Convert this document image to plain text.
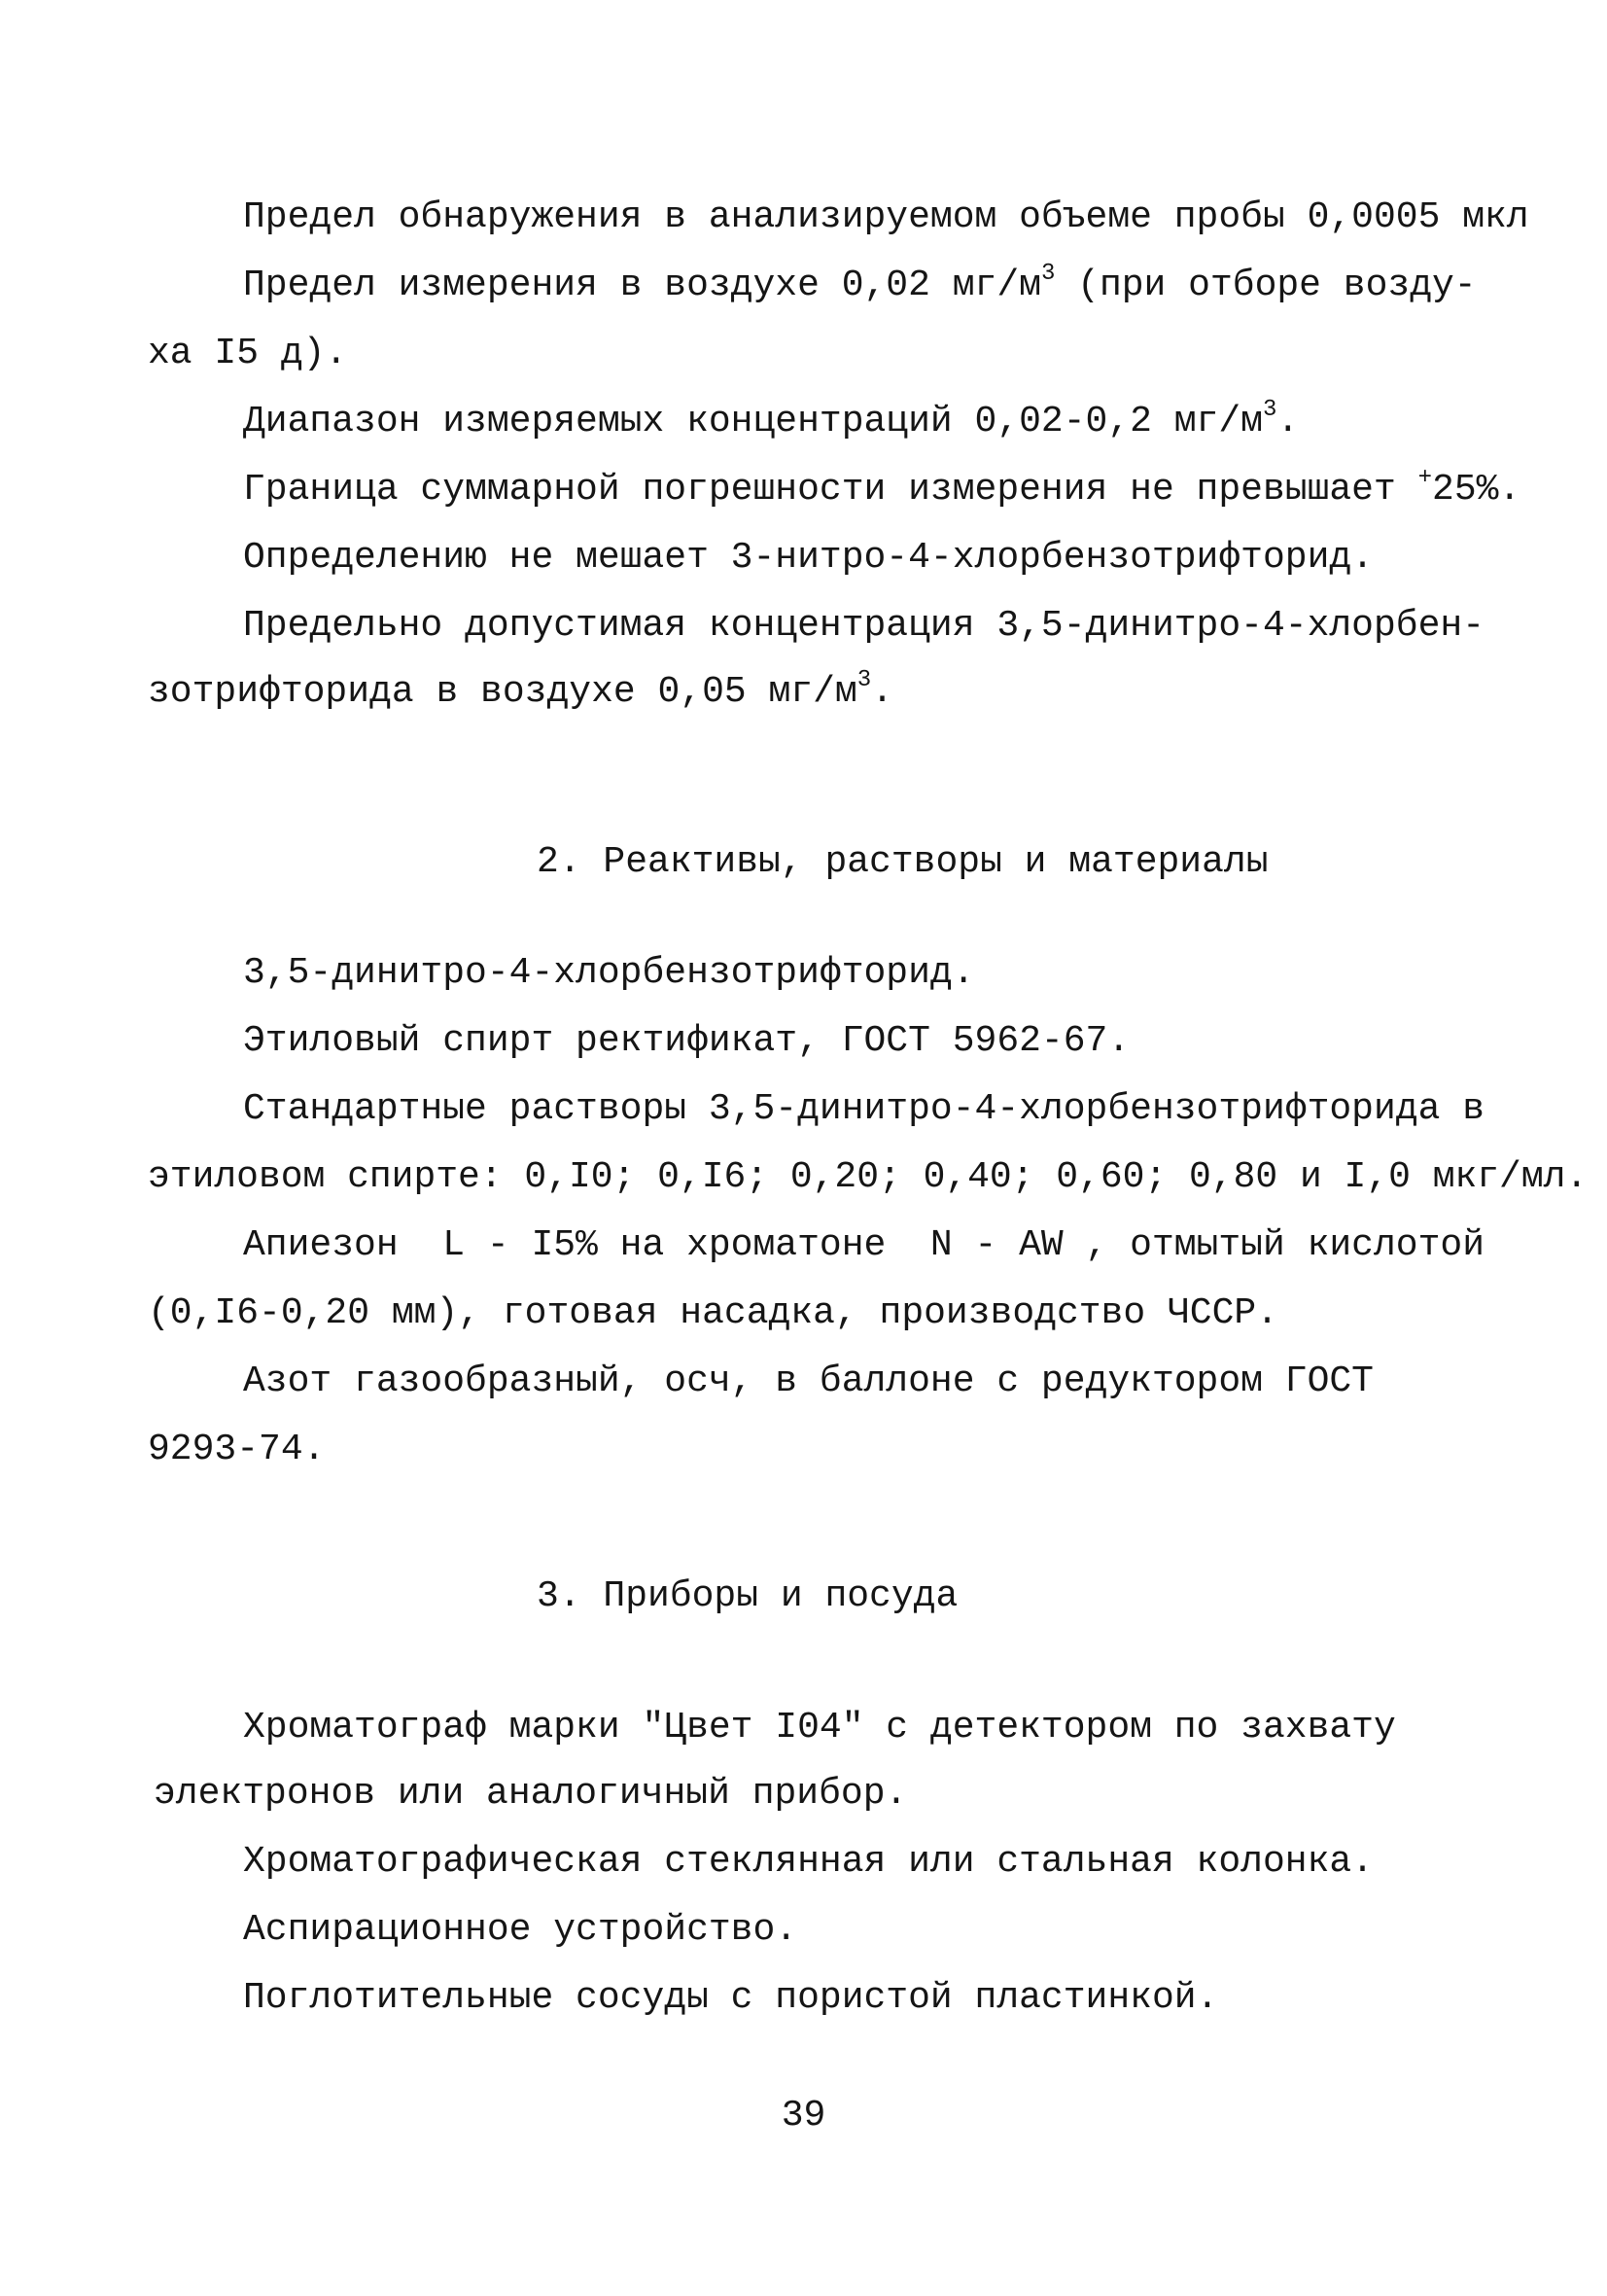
Предел обнаружения в анализируемом объеме пробы 0,0005 мкл
Предел измерения в воздухе 0,02 $мг/м^3$ (при отборе возду-
ха I5 д).
Диапазон измеряемых концентраций 0,02-0,2 $мг/м^3$.
Граница суммарной погрешности измерения не превышает +25%.
Определению не мешает 3-нитро-4-хлорбензотрифторид.
Предельно допустимая концентрация 3,5-динитро-4-хлорбен-
зотрифторида в воздухе 0,05 $мг/м^3$.
2. Реактивы, растворы и материалы
3,5-динитро-4-хлорбензотрифторид.
Этиловый спирт ректификат, ГОСТ 5962-67.
Стандартные растворы 3,5-динитро-4-хлорбензотрифторида в
этиловом спирте: 0,I0; 0,I6; 0,20; 0,40; 0,60; 0,80 и I,0 мкг/мл.
Апиезон  L - I5% на хроматоне  N - AW , отмытый кислотой
(0,I6-0,20 мм), готовая насадка, производство ЧССР.
Азот газообразный, осч, в баллоне с редуктором ГОСТ
9293-74.
3. Приборы и посуда
Хроматограф марки "Цвет I04" с детектором по захвату
электронов или аналогичный прибор.
Хроматографическая стеклянная или стальная колонка.
Аспирационное устройство.
Поглотительные сосуды с пористой пластинкой.
39
